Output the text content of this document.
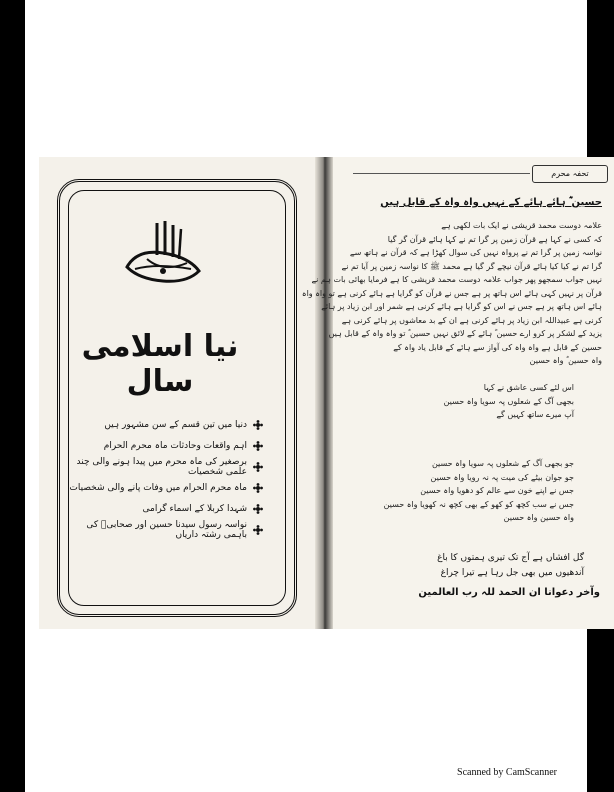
نیا اسلامی سال
دنیا میں تین قسم کے سن مشہور ہیں
اہم واقعات وحادثات ماہ محرم الحرام
برصغیر کی ماہ محرم میں پیدا ہونے والی چند علمی شخصیات
ماہ محرم الحرام میں وفات پانے والی شخصیات
شہدا کربلا کے اسماء گرامی
نواسہ رسول سیدنا حسین اور صحابیؓ کی باہمی رشتہ داریاں
تحفہ محرم
حسین ؓ ہائے ہائے کے نہیں واہ واہ کے قابل ہیں
علامہ دوست محمد قریشی نے ایک بات لکھی ہے
کہ کسی نے کہا ہے قرآن زمین پر گرا تم نے کہا ہائے قرآن گر گیا
نواسہ زمین پر گرا تم نے پرواہ نہیں کی سوال کھڑا ہے کہ قرآن نے ہاتھ سے
گرا تم نے کیا کیا ہائے قرآن نیچے گر گیا ہے محمد ﷺ کا نواسہ زمین پر آیا تم نے
نہیں جواب سمجھو پھر جواب علامہ دوست محمد قریشی کا ہے فرمایا بھائی بات ہم نے
قرآن پر نہیں کہی ہائے اس ہاتھ پر ہے جس نے قرآن کو گرایا ہے ہائے کرنی ہے تو واہ واہ
ہائے اس ہاتھ پر ہے جس نے اس کو گرایا ہے ہائے کرنی ہے شمر اور ابن زیاد پر ہائے
کرنی ہے عبیداللہ ابن زیاد پر ہائے کرنی ہے ان کے بد معاشوں پر ہائے کرنی ہے
یزید کے لشکر پر کرو ارے حسین ؓ ہائے کے لائق نہیں حسین ؓ تو واہ واہ کے قابل ہیں
حسین کے قابل ہے واہ واہ کی آواز سے ہائے کے قابل یاد واہ کے
واہ حسین ؓ واہ حسین
اس لئے کسی عاشق نے کہا
بجھی آگ کے شعلوں پہ سویا واہ حسین
آپ میرے ساتھ کہیں گے
جو بجھی آگ کے شعلوں پہ سویا واہ حسین
جو جوان بیٹے کی میت پہ نہ رویا واہ حسین
جس نے اپنے خون سے عالم کو دھویا واہ حسین
جس نے سب کچھ کو کھو کے بھی کچھ نہ کھویا واہ حسین
واہ حسین واہ حسین
گل افشاں ہے آج تک تیری ہمتوں کا باغ
آندھیوں میں بھی جل رہا ہے تیرا چراغ
وآخر دعوانا ان الحمد للہ رب العالمین
Scanned by CamScanner
